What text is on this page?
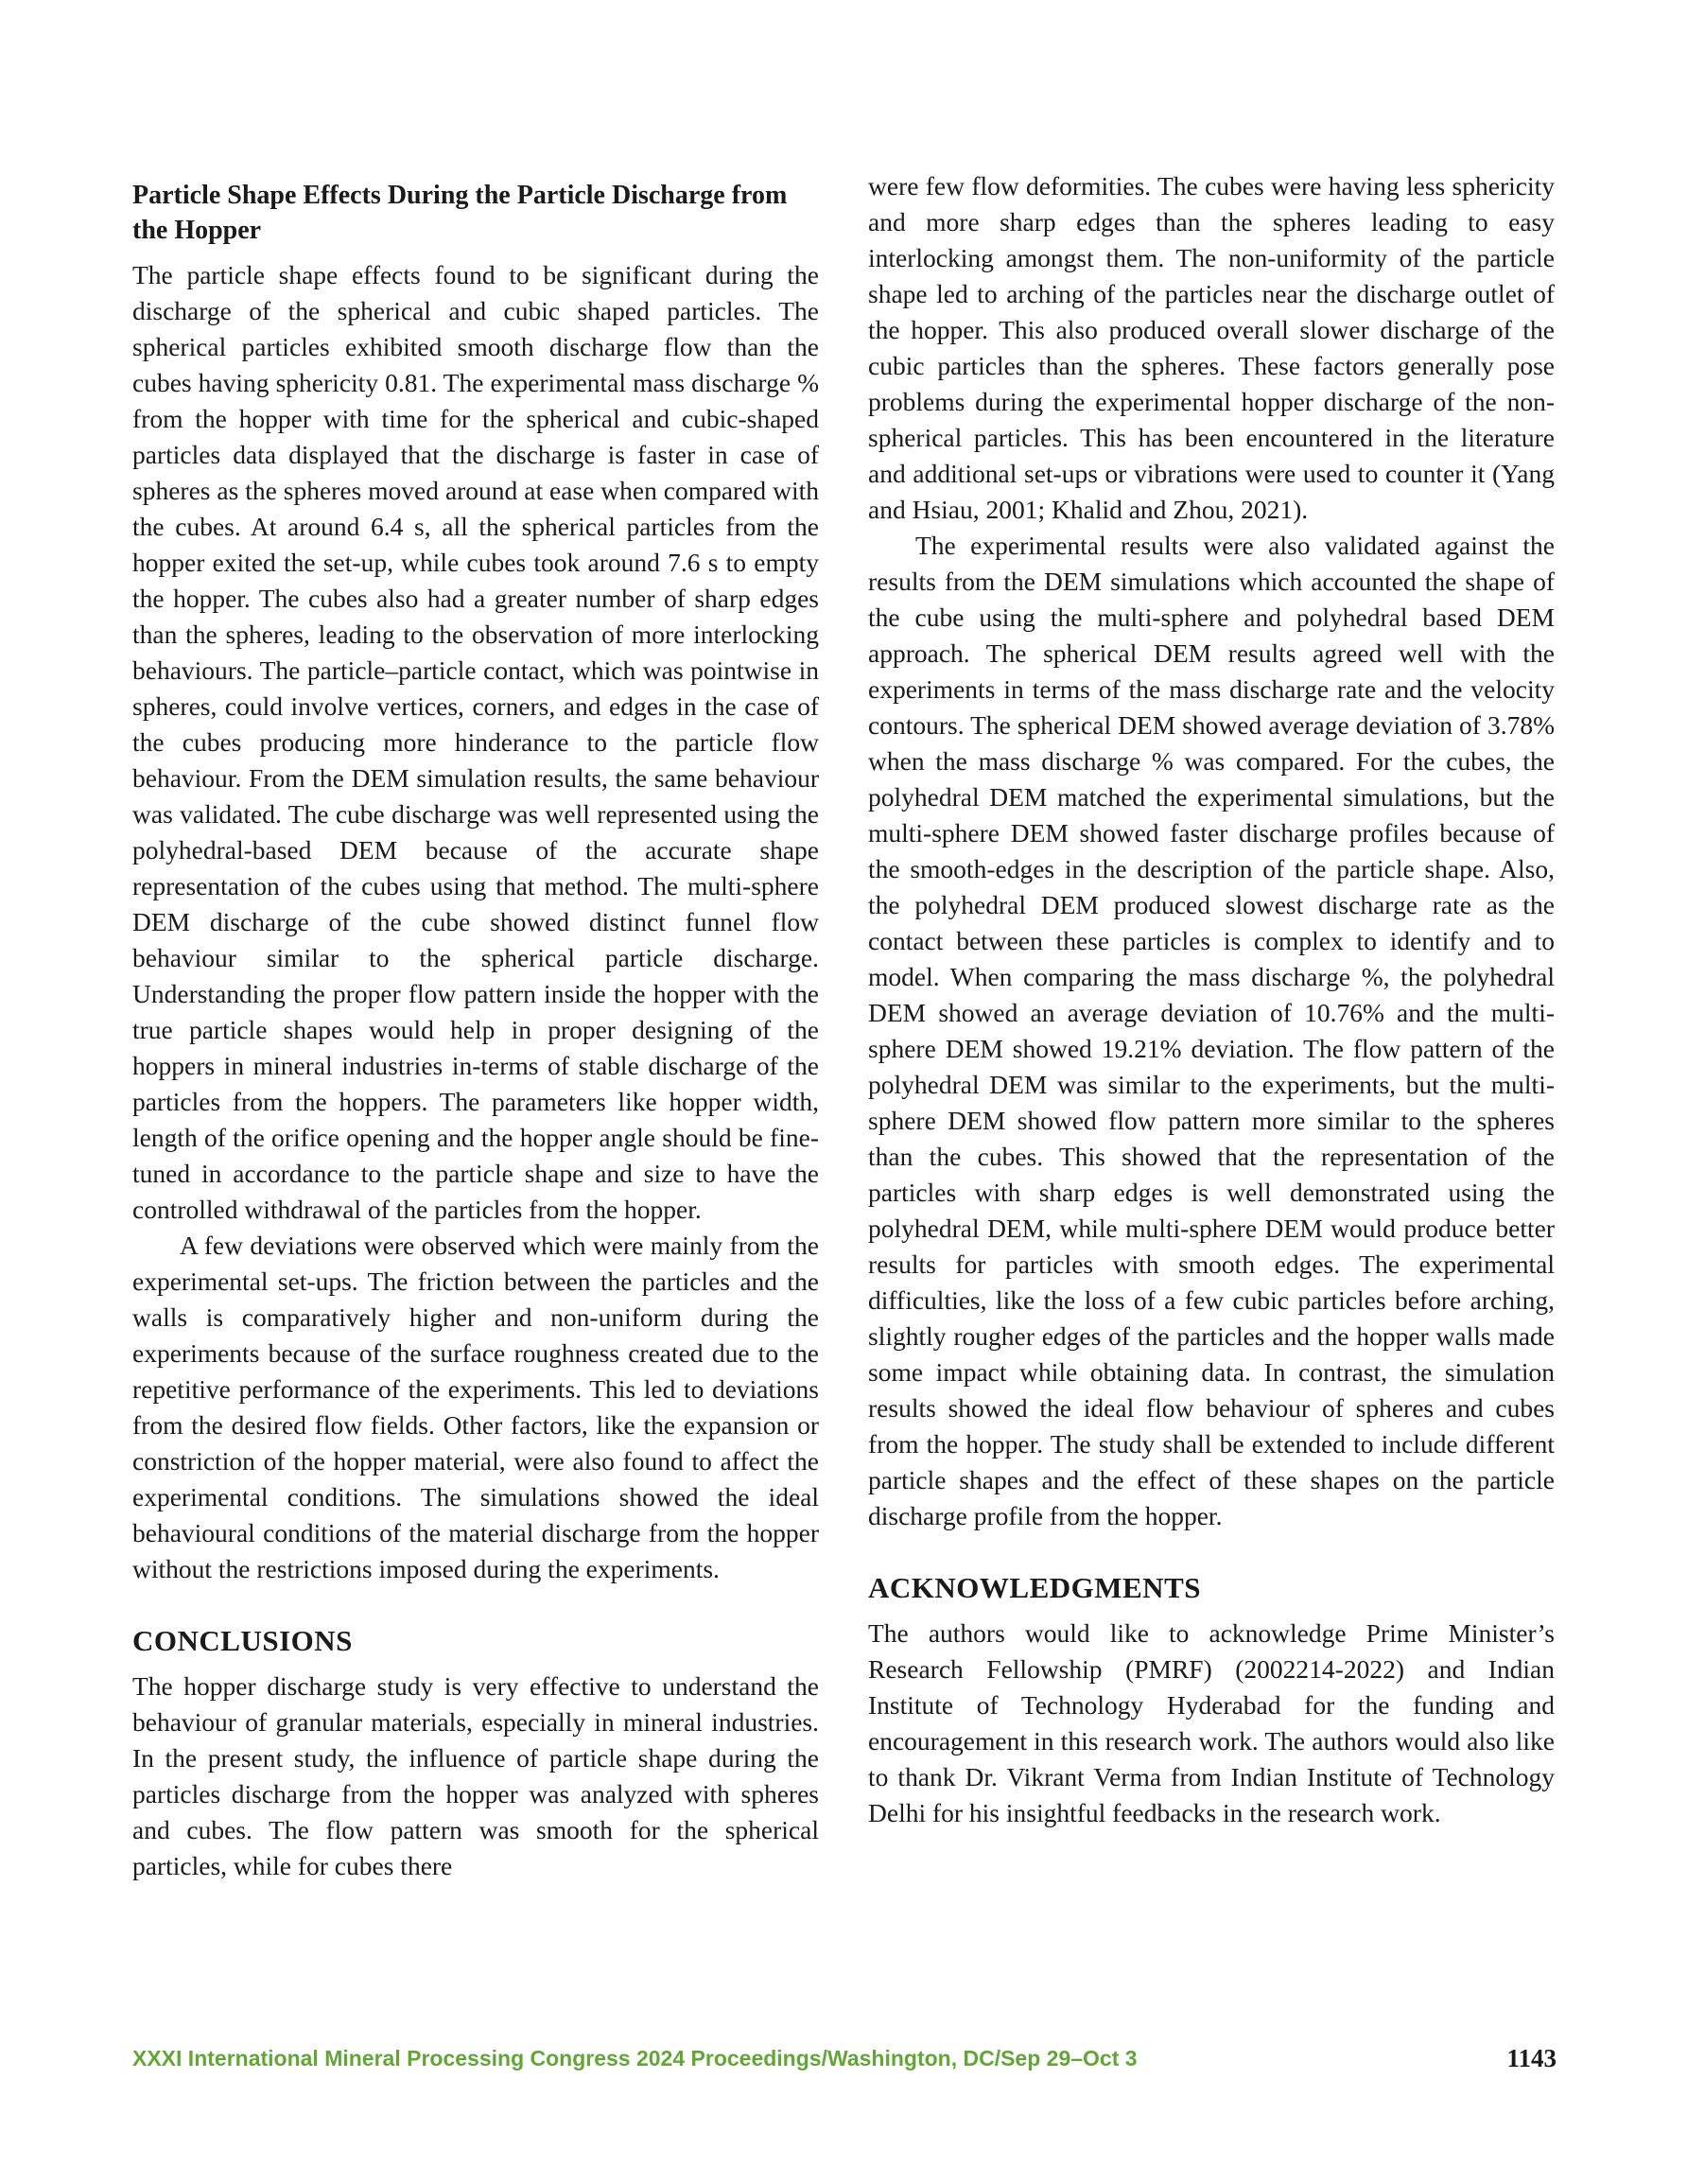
Particle Shape Effects During the Particle Discharge from the Hopper

The particle shape effects found to be significant during the discharge of the spherical and cubic shaped particles. The spherical particles exhibited smooth discharge flow than the cubes having sphericity 0.81. The experimental mass discharge % from the hopper with time for the spherical and cubic-shaped particles data displayed that the discharge is faster in case of spheres as the spheres moved around at ease when compared with the cubes. At around 6.4 s, all the spherical particles from the hopper exited the set-up, while cubes took around 7.6 s to empty the hopper. The cubes also had a greater number of sharp edges than the spheres, leading to the observation of more interlocking behaviours. The particle–particle contact, which was pointwise in spheres, could involve vertices, corners, and edges in the case of the cubes producing more hinderance to the particle flow behaviour. From the DEM simulation results, the same behaviour was validated. The cube discharge was well represented using the polyhedral-based DEM because of the accurate shape representation of the cubes using that method. The multi-sphere DEM discharge of the cube showed distinct funnel flow behaviour similar to the spherical particle discharge. Understanding the proper flow pattern inside the hopper with the true particle shapes would help in proper designing of the hoppers in mineral industries in-terms of stable discharge of the particles from the hoppers. The parameters like hopper width, length of the orifice opening and the hopper angle should be fine-tuned in accordance to the particle shape and size to have the controlled withdrawal of the particles from the hopper.

A few deviations were observed which were mainly from the experimental set-ups. The friction between the particles and the walls is comparatively higher and non-uniform during the experiments because of the surface roughness created due to the repetitive performance of the experiments. This led to deviations from the desired flow fields. Other factors, like the expansion or constriction of the hopper material, were also found to affect the experimental conditions. The simulations showed the ideal behavioural conditions of the material discharge from the hopper without the restrictions imposed during the experiments.

CONCLUSIONS

The hopper discharge study is very effective to understand the behaviour of granular materials, especially in mineral industries. In the present study, the influence of particle shape during the particles discharge from the hopper was analyzed with spheres and cubes. The flow pattern was smooth for the spherical particles, while for cubes there

were few flow deformities. The cubes were having less sphericity and more sharp edges than the spheres leading to easy interlocking amongst them. The non-uniformity of the particle shape led to arching of the particles near the discharge outlet of the hopper. This also produced overall slower discharge of the cubic particles than the spheres. These factors generally pose problems during the experimental hopper discharge of the non-spherical particles. This has been encountered in the literature and additional set-ups or vibrations were used to counter it (Yang and Hsiau, 2001; Khalid and Zhou, 2021).

The experimental results were also validated against the results from the DEM simulations which accounted the shape of the cube using the multi-sphere and polyhedral based DEM approach. The spherical DEM results agreed well with the experiments in terms of the mass discharge rate and the velocity contours. The spherical DEM showed average deviation of 3.78% when the mass discharge % was compared. For the cubes, the polyhedral DEM matched the experimental simulations, but the multi-sphere DEM showed faster discharge profiles because of the smooth-edges in the description of the particle shape. Also, the polyhedral DEM produced slowest discharge rate as the contact between these particles is complex to identify and to model. When comparing the mass discharge %, the polyhedral DEM showed an average deviation of 10.76% and the multi-sphere DEM showed 19.21% deviation. The flow pattern of the polyhedral DEM was similar to the experiments, but the multi-sphere DEM showed flow pattern more similar to the spheres than the cubes. This showed that the representation of the particles with sharp edges is well demonstrated using the polyhedral DEM, while multi-sphere DEM would produce better results for particles with smooth edges. The experimental difficulties, like the loss of a few cubic particles before arching, slightly rougher edges of the particles and the hopper walls made some impact while obtaining data. In contrast, the simulation results showed the ideal flow behaviour of spheres and cubes from the hopper. The study shall be extended to include different particle shapes and the effect of these shapes on the particle discharge profile from the hopper.

ACKNOWLEDGMENTS

The authors would like to acknowledge Prime Minister’s Research Fellowship (PMRF) (2002214-2022) and Indian Institute of Technology Hyderabad for the funding and encouragement in this research work. The authors would also like to thank Dr. Vikrant Verma from Indian Institute of Technology Delhi for his insightful feedbacks in the research work.

XXXI International Mineral Processing Congress 2024 Proceedings/Washington, DC/Sep 29–Oct 3	1143
